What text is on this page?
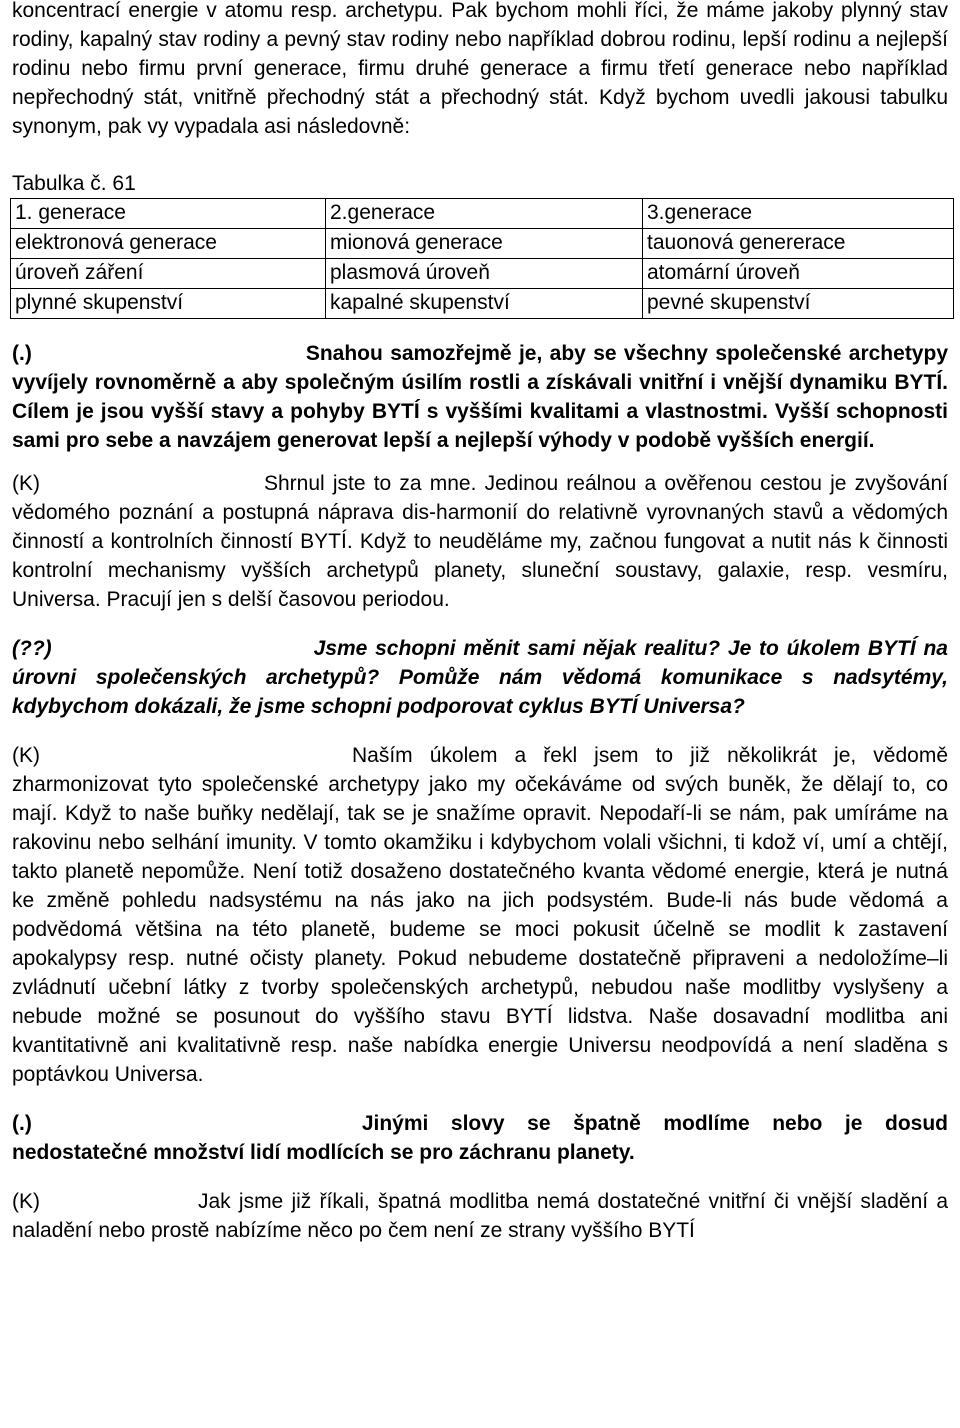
koncentrací energie v atomu resp. archetypu. Pak bychom mohli říci, že máme jakoby plynný stav rodiny, kapalný stav rodiny a pevný stav rodiny nebo například dobrou rodinu, lepší rodinu a nejlepší rodinu nebo firmu první generace, firmu druhé generace a firmu třetí generace nebo například nepřechodný stát, vnitřně přechodný stát a přechodný stát. Když bychom uvedli jakousi tabulku synonym, pak vy vypadala asi následovně:

Tabulka č. 61

1. generace	2.generace	3.generace
elektronová generace	mionová generace	tauonová genererace
úroveň záření	plasmová úroveň	atomární úroveň
plynné skupenství	kapalné skupenství	pevné skupenství

(.)	Snahou samozřejmě je, aby se všechny společenské archetypy vyvíjely rovnoměrně a aby společným úsilím rostli a získávali vnitřní i vnější dynamiku BYTÍ. Cílem je jsou vyšší stavy a pohyby BYTÍ s vyššími kvalitami a vlastnostmi. Vyšší schopnosti sami pro sebe a navzájem generovat lepší a nejlepší výhody v podobě vyšších energií.

(K)	Shrnul jste to za mne. Jedinou reálnou a ověřenou cestou je zvyšování vědomého poznání a postupná náprava dis-harmonií do relativně vyrovnaných stavů a vědomých činností a kontrolních činností BYTÍ. Když to neuděláme my, začnou fungovat a nutit nás k činnosti kontrolní mechanismy vyšších archetypů planety, sluneční soustavy, galaxie, resp. vesmíru, Universa. Pracují jen s delší časovou periodou.

(??)	Jsme schopni měnit sami nějak realitu? Je to úkolem BYTÍ na úrovni společenských archetypů? Pomůže nám vědomá komunikace s nadsytémy, kdybychom dokázali, že jsme schopni podporovat cyklus BYTÍ Universa?

(K)	Naším úkolem a řekl jsem to již několikrát je, vědomě zharmonizovat tyto společenské archetypy jako my očekáváme od svých buněk, že dělají to, co mají. Když to naše buňky nedělají, tak se je snažíme opravit. Nepodaří-li se nám, pak umíráme na rakovinu nebo selhání imunity. V tomto okamžiku i kdybychom volali všichni, ti kdož ví, umí a chtějí, takto planetě nepomůže. Není totiž dosaženo dostatečného kvanta vědomé energie, která je nutná ke změně pohledu nadsystému na nás jako na jich podsystém. Bude-li nás bude vědomá a podvědomá většina na této planetě, budeme se moci pokusit účelně se modlit k zastavení apokalypsy resp. nutné očisty planety. Pokud nebudeme dostatečně připraveni a nedoložíme–li zvládnutí učební látky z tvorby společenských archetypů, nebudou naše modlitby vyslyšeny a nebude možné se posunout do vyššího stavu BYTÍ lidstva. Naše dosavadní modlitba ani kvantitativně ani kvalitativně resp. naše nabídka energie Universu neodpovídá a není sladěna s poptávkou Universa.

(.)	Jinými slovy se špatně modlíme nebo je dosud nedostatečné množství lidí modlících se pro záchranu planety.

(K)	Jak jsme již říkali, špatná modlitba nemá dostatečné vnitřní či vnější sladění a naladění nebo prostě nabízíme něco po čem není ze strany vyššího BYTÍ
